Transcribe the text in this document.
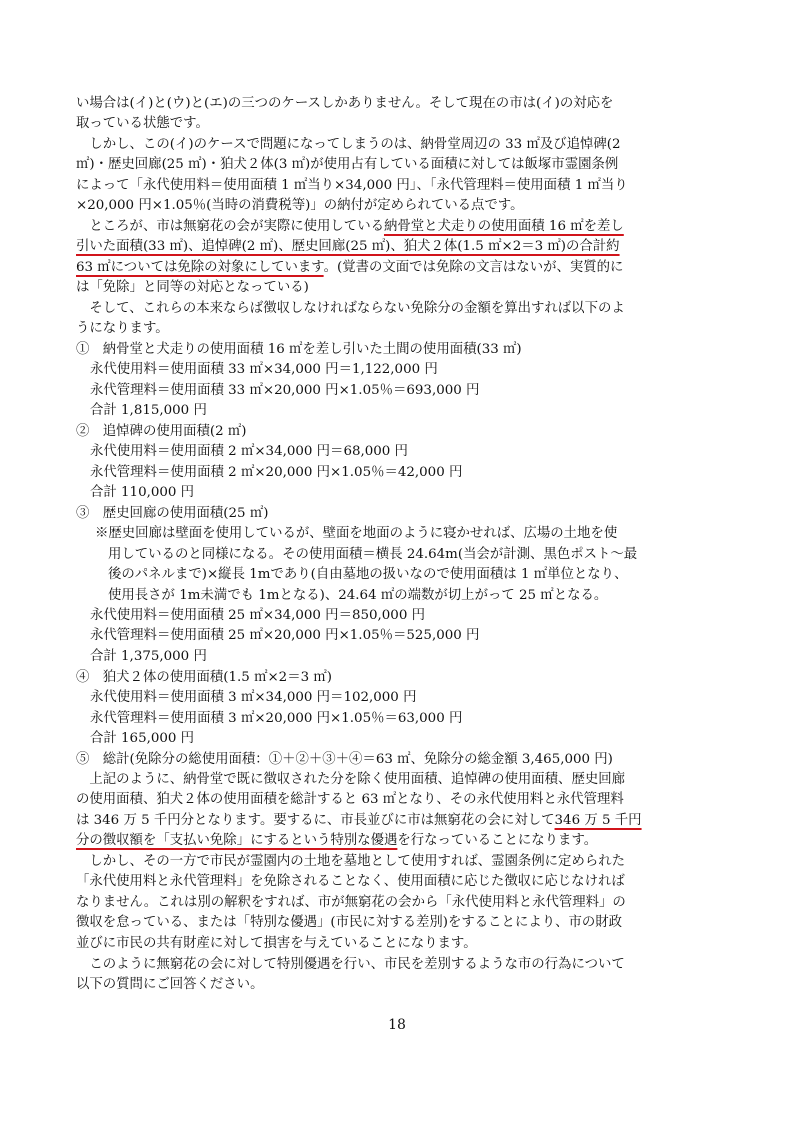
い場合は(イ)と(ウ)と(エ)の三つのケースしかありません。そして現在の市は(イ)の対応を
取っている状態です。
しかし、この(イ)のケースで問題になってしまうのは、納骨堂周辺の 33 ㎡及び追悼碑(2
㎡)・歴史回廊(25 ㎡)・狛犬２体(3 ㎡)が使用占有している面積に対しては飯塚市霊園条例
によって「永代使用料＝使用面積 1 ㎡当り×34,000 円」、「永代管理料＝使用面積 1 ㎡当り
×20,000 円×1.05％(当時の消費税等)」の納付が定められている点です。
ところが、市は無窮花の会が実際に使用している納骨堂と犬走りの使用面積 16 ㎡を差し
引いた面積(33 ㎡)、追悼碑(2 ㎡)、歴史回廊(25 ㎡)、狛犬２体(1.5 ㎡×2＝3 ㎡)の合計約
63 ㎡については免除の対象にしています。(覚書の文面では免除の文言はないが、実質的に
は「免除」と同等の対応となっている)
そして、これらの本来ならば徴収しなければならない免除分の金額を算出すれば以下のよ
うになります。
①　納骨堂と犬走りの使用面積 16 ㎡を差し引いた土間の使用面積(33 ㎡)
永代使用料＝使用面積 33 ㎡×34,000 円＝1,122,000 円
永代管理料＝使用面積 33 ㎡×20,000 円×1.05％＝693,000 円
合計 1,815,000 円
②　追悼碑の使用面積(2 ㎡)
永代使用料＝使用面積 2 ㎡×34,000 円＝68,000 円
永代管理料＝使用面積 2 ㎡×20,000 円×1.05％＝42,000 円
合計 110,000 円
③　歴史回廊の使用面積(25 ㎡)
※歴史回廊は壁面を使用しているが、壁面を地面のように寝かせれば、広場の土地を使
用しているのと同様になる。その使用面積＝横長 24.64m(当会が計測、黒色ポスト〜最
後のパネルまで)×縦長 1mであり(自由墓地の扱いなので使用面積は 1 ㎡単位となり、
使用長さが 1m未満でも 1mとなる)、24.64 ㎡の端数が切上がって 25 ㎡となる。
永代使用料＝使用面積 25 ㎡×34,000 円＝850,000 円
永代管理料＝使用面積 25 ㎡×20,000 円×1.05％＝525,000 円
合計 1,375,000 円
④　狛犬２体の使用面積(1.5 ㎡×2＝3 ㎡)
永代使用料＝使用面積 3 ㎡×34,000 円＝102,000 円
永代管理料＝使用面積 3 ㎡×20,000 円×1.05％＝63,000 円
合計 165,000 円
⑤　総計(免除分の総使用面積：①＋②＋③＋④＝63 ㎡、免除分の総金額 3,465,000 円)
上記のように、納骨堂で既に徴収された分を除く使用面積、追悼碑の使用面積、歴史回廊
の使用面積、狛犬２体の使用面積を総計すると 63 ㎡となり、その永代使用料と永代管理料
は 346 万 5 千円分となります。要するに、市長並びに市は無窮花の会に対して346 万 5 千円
分の徴収額を「支払い免除」にするという特別な優遇を行なっていることになります。
しかし、その一方で市民が霊園内の土地を墓地として使用すれば、霊園条例に定められた
「永代使用料と永代管理料」を免除されることなく、使用面積に応じた徴収に応じなければ
なりません。これは別の解釈をすれば、市が無窮花の会から「永代使用料と永代管理料」の
徴収を怠っている、または「特別な優遇」(市民に対する差別)をすることにより、市の財政
並びに市民の共有財産に対して損害を与えていることになります。
このように無窮花の会に対して特別優遇を行い、市民を差別するような市の行為について
以下の質問にご回答ください。
18
